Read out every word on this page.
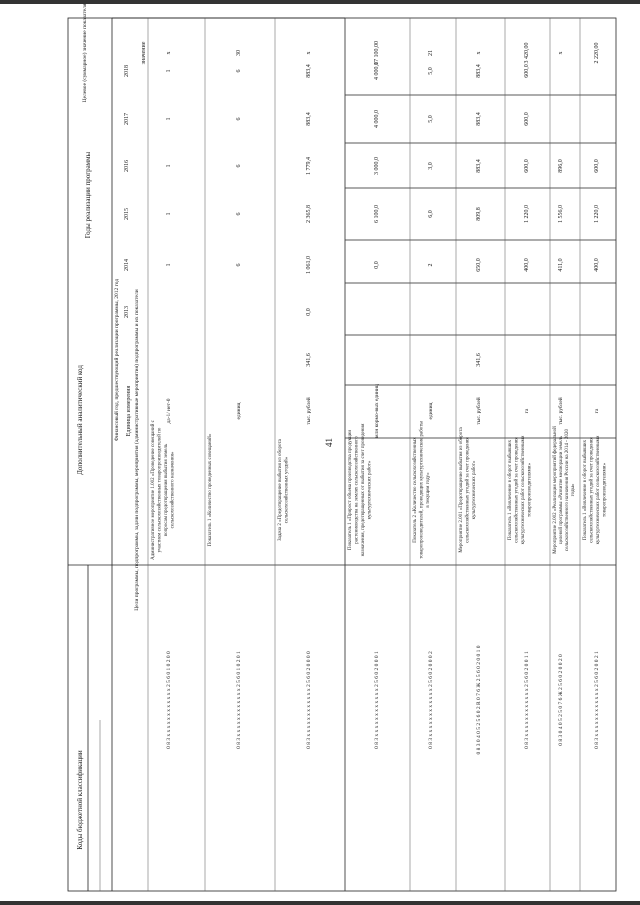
41
2013
2014
2015
2016
2017
2018
0 8 3 x x x x x x x x x x x x 2 5 6 0 1 0 2 0 0
да-1/ нет-0
1
1
1
1
1
x
Административное мероприятие 1.002 «Проведение совещаний с участием сельскохозяйственных товаропроизводителей по вопросам предотвращения выбытия земель сельскохозяйственного назначения»
0 8 3 x x x x x x x x x x x x 2 5 6 0 1 0 2 0 1
единиц
6
6
6
6
6
30
Показатель 1 «Количество проведенных совещаний»
0 8 3 x x x x x x x x x x x x 2 5 6 0 2 0 0 0 0
тыс. рублей
341,6
0,0
1 061,0
2 365,8
1 779,4
883,4
883,4
x
Задача 2 «Предотвращение выбытия из оборота сельскохозяйственных угодий»
0 8 3 x x x x x x x x x x x x 2 5 6 0 2 0 0 0 1
млн кормо-вых единиц
0,0
6 100,0
3 000,0
4 000,0
4 000,0
17 100,00
Показатель 1 «Прирост объема производства продукции растениеводства на землях сельскохозяйственного назначения, предотвращенных от выбытия за счет проведения культуртехнических работ»
0 8 3 x x x x x x x x x x x x 2 5 6 0 2 0 0 0 2
единиц
2
6,0
3,0
5,0
5,0
21
Показатель 2 «Количество сельскохозяйственных товаропроизводителей, проводящих культуртехнические работы в текущем году»
0 8 3 0 4 0 5 2 5 6 0 2 R 0 7 6 Ж 2 5 6 0 2 0 0 1 0
тыс. рублей
341,6
650,0
809,8
883,4
883,4
883,4
x
Мероприятие 2.001 «Предотвращение выбытия из оборота сельскохозяйственных угодий за счет проведения культуртехнических работ»
0 8 3 x x x x x x x x x x x x 2 5 6 0 2 0 0 1 1
га
400,0
1 220,0
600,0
600,0
600,0
3 420,00
Показатель 1 «Вовлечение в оборот выбывших сельскохозяйственных угодий за счет проведения культуртехнических работ сельскохозяйственными товаропроизводителями»
0 8 3 0 4 0 5 2 5 0 7 6 Ж 2 5 6 0 2 0 0 2 0
тыс. рублей
411,0
1 556,0
896,0
x
Мероприятие 2.002 «Реализация мероприятий федеральнойцелевой программы «Развитие мелиорации земельсельскохозяйственного назначения России на 2014 - 2020годы»
0 8 3 x x x x x x x x x x x x 2 5 6 0 2 0 0 2 1
га
400,0
1 220,0
600,0
2 220,00
Показатель 1 «Вовлечение в оборот выбывших сельскохозяйственных угодий за счет проведения культуртехнических работ сельскохозяйственными товаропроизводителями»
Коды бюджетной классификации
Дополнительный аналитический код
Годы реализации программы
Цели программы, подпрограммы, задачи подпрограммы, мероприятия (административные мероприятия) подпрограммы и их показатели
Единица измерения
Финансовый год, предшествующий реализации программы, 2012 год
Целевое (суммарное) значение показателя	значение
